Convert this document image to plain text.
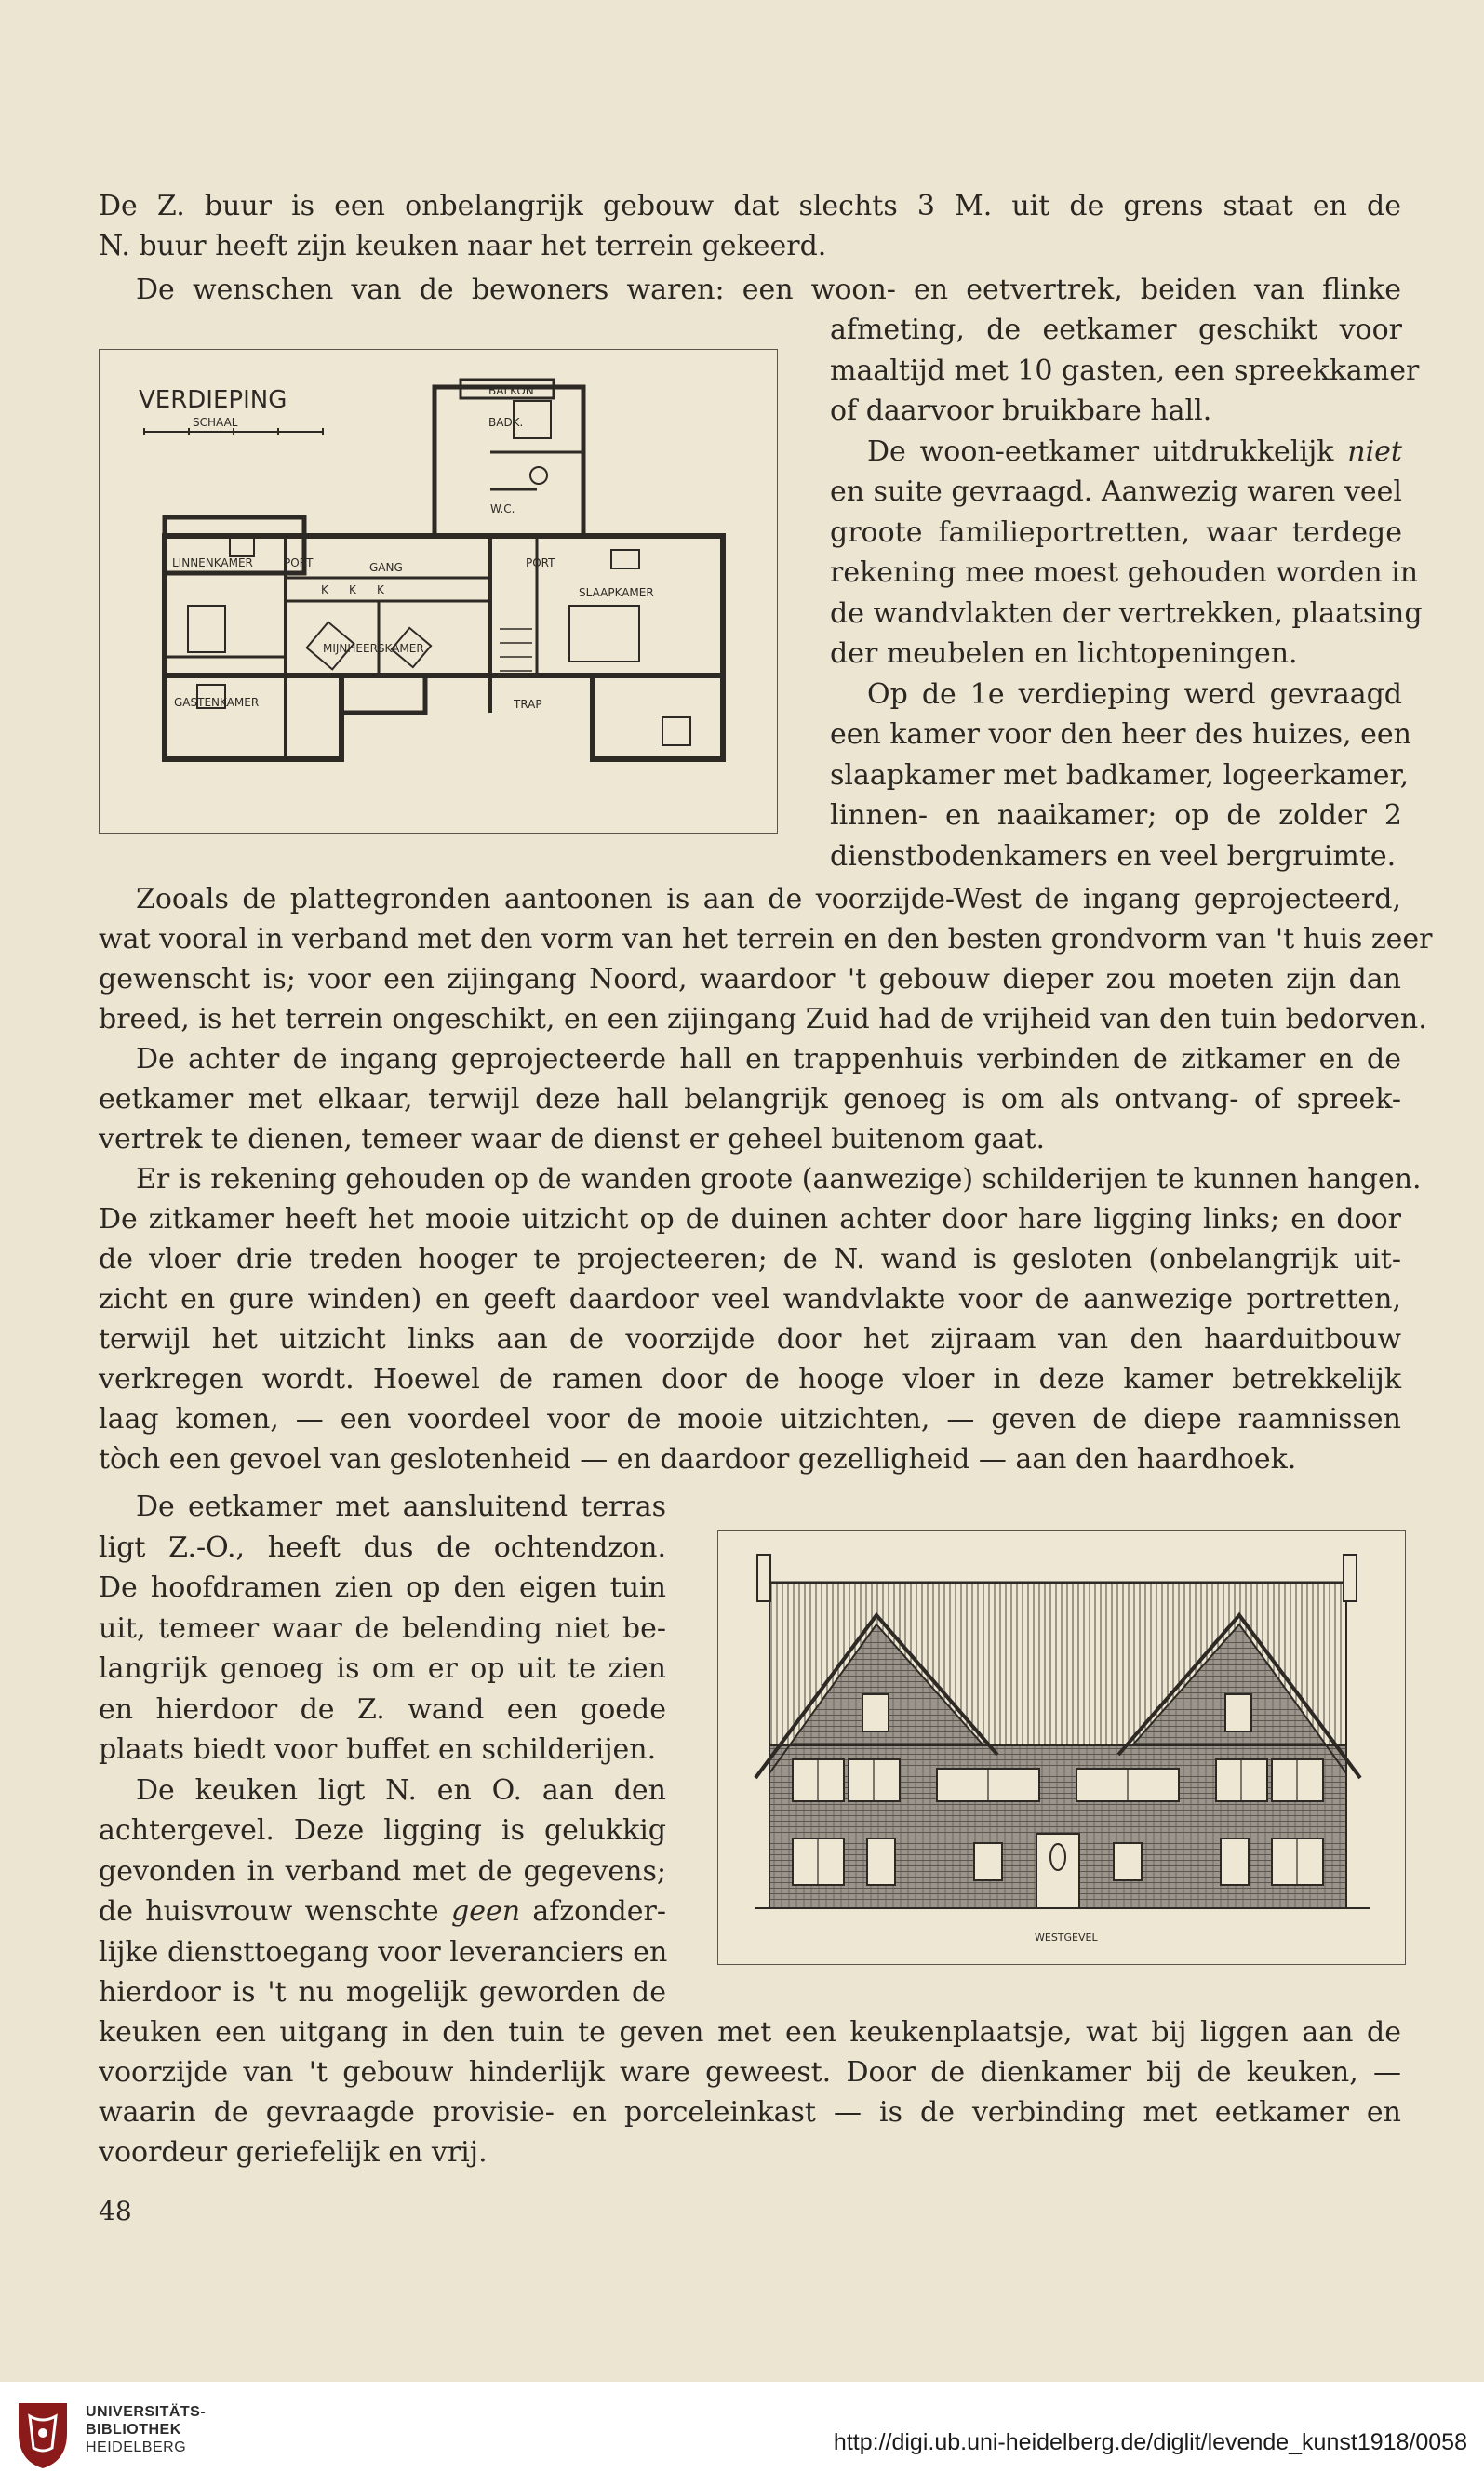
De Z. buur is een onbelangrijk gebouw dat slechts 3 M. uit de grens staat en de
N. buur heeft zijn keuken naar het terrein gekeerd.
De wenschen van de bewoners waren: een woon- en eetvertrek, beiden van flinke
VERDIEPING
SCHAAL
BALKON
BADK.
W.C.
LINNENKAMER	PORT	GANG	PORT
SLAAPKAMER
MIJNHEERSKAMER
GASTENKAMER	TRAP
K K K
afmeting, de eetkamer geschikt voor
maaltijd met 10 gasten, een spreekkamer
of daarvoor bruikbare hall.
De woon-eetkamer uitdrukkelijk niet
en suite gevraagd. Aanwezig waren veel
groote familieportretten, waar terdege
rekening mee moest gehouden worden in
de wandvlakten der vertrekken, plaatsing
der meubelen en lichtopeningen.
Op de 1e verdieping werd gevraagd
een kamer voor den heer des huizes, een
slaapkamer met badkamer, logeerkamer,
linnen- en naaikamer; op de zolder 2
dienstbodenkamers en veel bergruimte.
Zooals de plattegronden aantoonen is aan de voorzijde-West de ingang geprojecteerd,
wat vooral in verband met den vorm van het terrein en den besten grondvorm van 't huis zeer
gewenscht is; voor een zijingang Noord, waardoor 't gebouw dieper zou moeten zijn dan
breed, is het terrein ongeschikt, en een zijingang Zuid had de vrijheid van den tuin bedorven.
De achter de ingang geprojecteerde hall en trappenhuis verbinden de zitkamer en de
eetkamer met elkaar, terwijl deze hall belangrijk genoeg is om als ontvang- of spreek-
vertrek te dienen, temeer waar de dienst er geheel buitenom gaat.
Er is rekening gehouden op de wanden groote (aanwezige) schilderijen te kunnen hangen.
De zitkamer heeft het mooie uitzicht op de duinen achter door hare ligging links; en door
de vloer drie treden hooger te projecteeren; de N. wand is gesloten (onbelangrijk uit-
zicht en gure winden) en geeft daardoor veel wandvlakte voor de aanwezige portretten,
terwijl het uitzicht links aan de voorzijde door het zijraam van den haarduitbouw
verkregen wordt. Hoewel de ramen door de hooge vloer in deze kamer betrekkelijk
laag komen, — een voordeel voor de mooie uitzichten, — geven de diepe raamnissen
tòch een gevoel van geslotenheid — en daardoor gezelligheid — aan den haardhoek.
De eetkamer met aansluitend terras
ligt Z.-O., heeft dus de ochtendzon.
De hoofdramen zien op den eigen tuin
uit, temeer waar de belending niet be-
langrijk genoeg is om er op uit te zien
en hierdoor de Z. wand een goede
plaats biedt voor buffet en schilderijen.
De keuken ligt N. en O. aan den
achtergevel. Deze ligging is gelukkig
gevonden in verband met de gegevens;
de huisvrouw wenschte geen afzonder-
lijke diensttoegang voor leveranciers en
hierdoor is 't nu mogelijk geworden de
WESTGEVEL
keuken een uitgang in den tuin te geven met een keukenplaatsje, wat bij liggen aan de
voorzijde van 't gebouw hinderlijk ware geweest. Door de dienkamer bij de keuken, —
waarin de gevraagde provisie- en porceleinkast — is de verbinding met eetkamer en
voordeur geriefelijk en vrij.
48
UNIVERSITÄTS-
BIBLIOTHEK
HEIDELBERG	http://digi.ub.uni-heidelberg.de/diglit/levende_kunst1918/0058
